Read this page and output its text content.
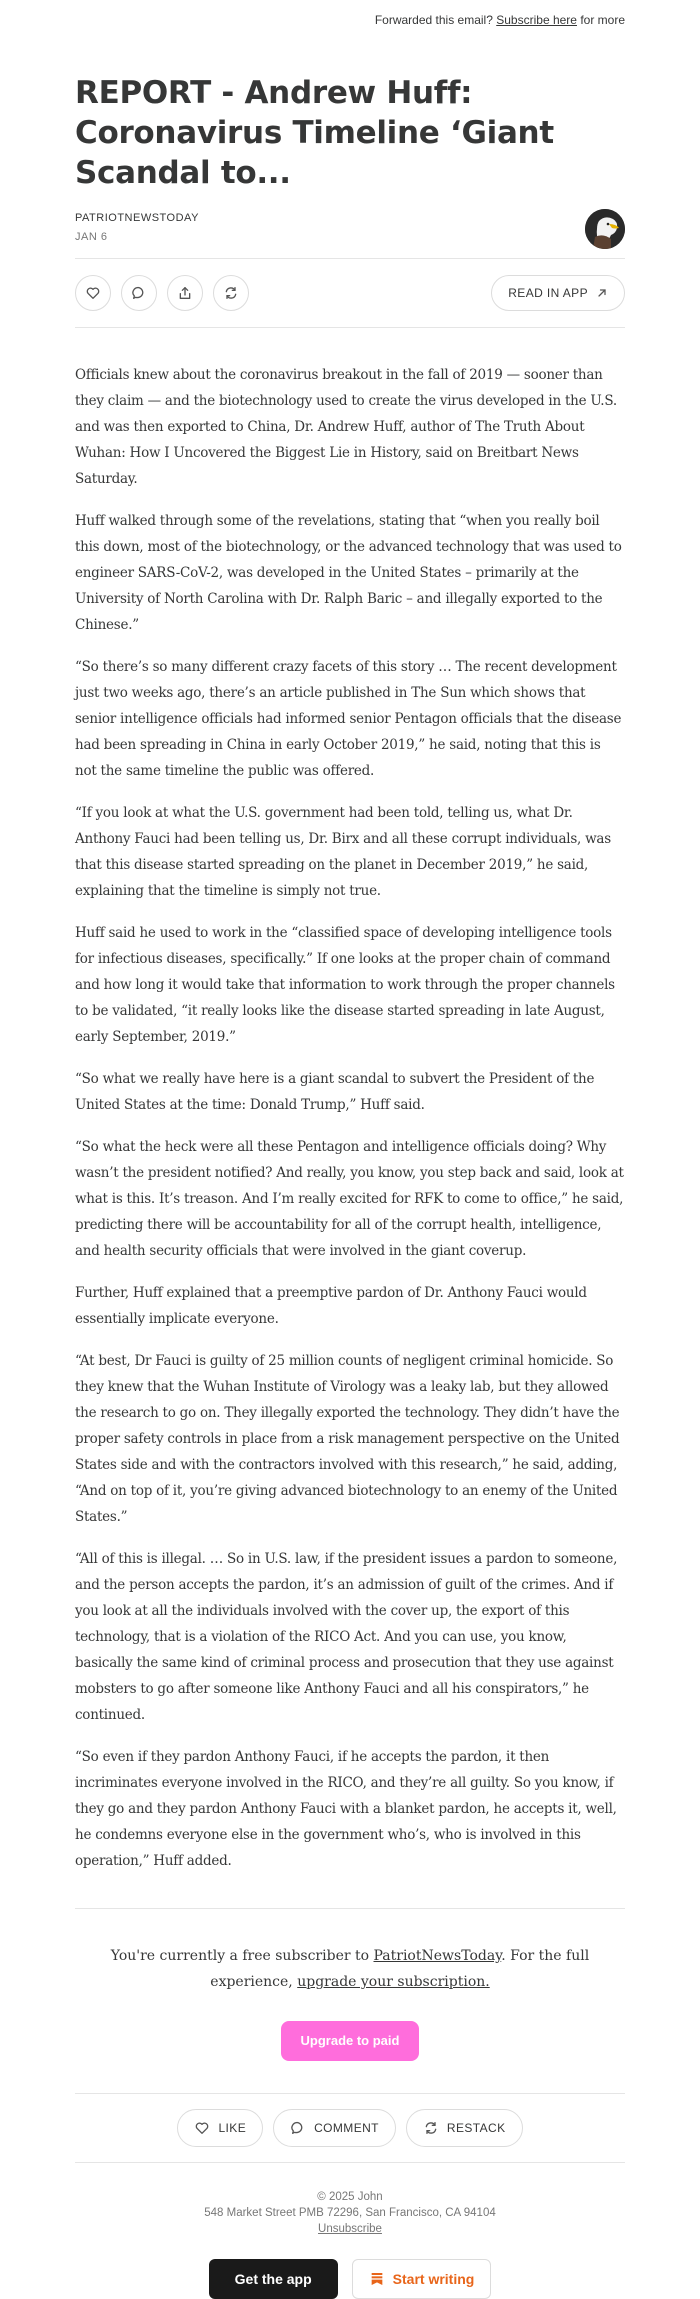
Forwarded this email? Subscribe here for more
REPORT - Andrew Huff: Coronavirus Timeline ‘Giant Scandal to...
PATRIOTNEWSTODAY
JAN 6
READ IN APP

Officials knew about the coronavirus breakout in the fall of 2019 — sooner than they claim — and the biotechnology used to create the virus developed in the U.S. and was then exported to China, Dr. Andrew Huff, author of The Truth About Wuhan: How I Uncovered the Biggest Lie in History, said on Breitbart News Saturday.

Huff walked through some of the revelations, stating that “when you really boil this down, most of the biotechnology, or the advanced technology that was used to engineer SARS-CoV-2, was developed in the United States – primarily at the University of North Carolina with Dr. Ralph Baric – and illegally exported to the Chinese.”

“So there’s so many different crazy facets of this story … The recent development just two weeks ago, there’s an article published in The Sun which shows that senior intelligence officials had informed senior Pentagon officials that the disease had been spreading in China in early October 2019,” he said, noting that this is not the same timeline the public was offered.

“If you look at what the U.S. government had been told, telling us, what Dr. Anthony Fauci had been telling us, Dr. Birx and all these corrupt individuals, was that this disease started spreading on the planet in December 2019,” he said, explaining that the timeline is simply not true.

Huff said he used to work in the “classified space of developing intelligence tools for infectious diseases, specifically.” If one looks at the proper chain of command and how long it would take that information to work through the proper channels to be validated, “it really looks like the disease started spreading in late August, early September, 2019.”

“So what we really have here is a giant scandal to subvert the President of the United States at the time: Donald Trump,” Huff said.

“So what the heck were all these Pentagon and intelligence officials doing? Why wasn’t the president notified? And really, you know, you step back and said, look at what is this. It’s treason. And I’m really excited for RFK to come to office,” he said, predicting there will be accountability for all of the corrupt health, intelligence, and health security officials that were involved in the giant coverup.

Further, Huff explained that a preemptive pardon of Dr. Anthony Fauci would essentially implicate everyone.

“At best, Dr Fauci is guilty of 25 million counts of negligent criminal homicide. So they knew that the Wuhan Institute of Virology was a leaky lab, but they allowed the research to go on. They illegally exported the technology. They didn’t have the proper safety controls in place from a risk management perspective on the United States side and with the contractors involved with this research,” he said, adding, “And on top of it, you’re giving advanced biotechnology to an enemy of the United States.”

“All of this is illegal. … So in U.S. law, if the president issues a pardon to someone, and the person accepts the pardon, it’s an admission of guilt of the crimes. And if you look at all the individuals involved with the cover up, the export of this technology, that is a violation of the RICO Act. And you can use, you know, basically the same kind of criminal process and prosecution that they use against mobsters to go after someone like Anthony Fauci and all his conspirators,” he continued.

“So even if they pardon Anthony Fauci, if he accepts the pardon, it then incriminates everyone involved in the RICO, and they’re all guilty. So you know, if they go and they pardon Anthony Fauci with a blanket pardon, he accepts it, well, he condemns everyone else in the government who’s, who is involved in this operation,” Huff added.

You're currently a free subscriber to PatriotNewsToday. For the full experience, upgrade your subscription.

Upgrade to paid
LIKE	COMMENT	RESTACK
© 2025 John
548 Market Street PMB 72296, San Francisco, CA 94104
Unsubscribe
Get the app	Start writing
